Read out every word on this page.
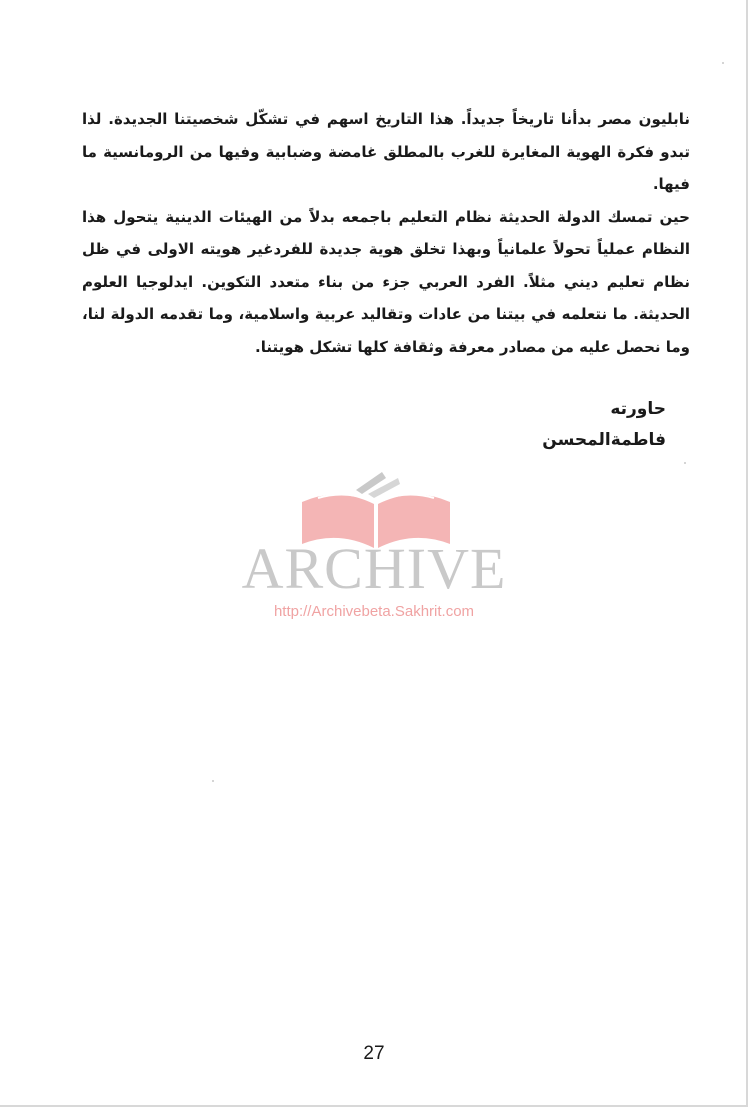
نابليون مصر بدأنا تاريخاً جديداً. هذا التاريخ اسهم في تشكّل شخصيتنا الجديدة. لذا تبدو فكرة الهوية المغايرة للغرب بالمطلق غامضة وضبابية وفيها من الرومانسية ما فيها.

حين تمسك الدولة الحديثة نظام التعليم باجمعه بدلاً من الهيئات الدينية يتحول هذا النظام عملياً تحولاً علمانياً وبهذا تخلق هوية جديدة للفردغير هويته الاولى في ظل نظام تعليم ديني مثلاً. الفرد العربي جزء من بناء متعدد التكوين. ايدلوجيا العلوم الحديثة. ما نتعلمه في بيتنا من عادات وتقاليد عربية واسلامية، وما تقدمه الدولة لنا، وما نحصل عليه من مصادر معرفة وثقافة كلها تشكل هويتنا.

حاورته
فاطمةالمحسن
ARCHIVE
http://Archivebeta.Sakhrit.com
27
